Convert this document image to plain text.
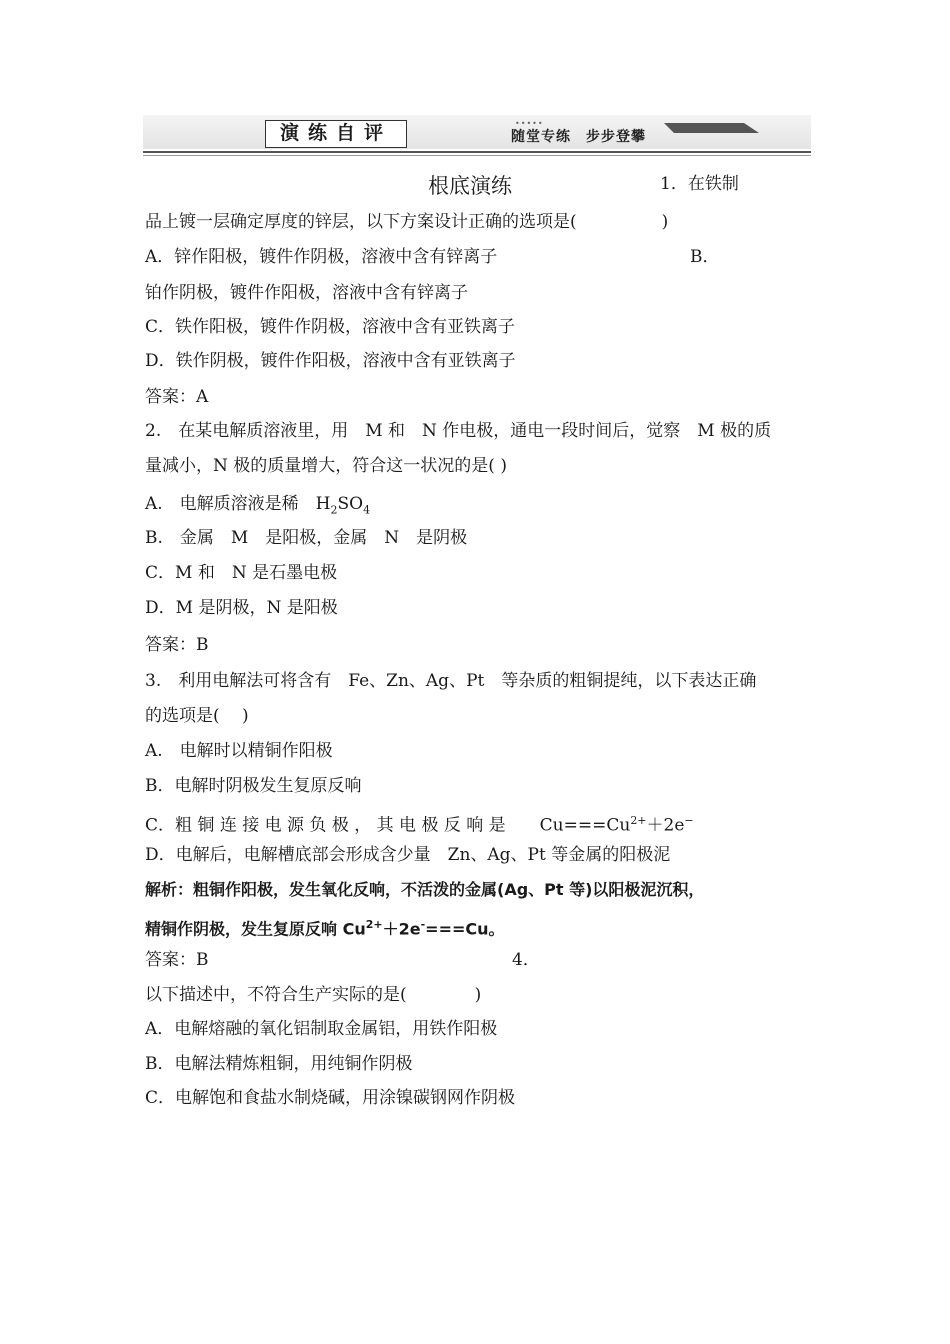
演练自评	•••••
随堂专练　步步登攀
根底演练	1．在铁制
品上镀一层确定厚度的锌层，以下方案设计正确的选项是(　　　　　)
A．锌作阳极，镀件作阴极，溶液中含有锌离子	B．
铂作阴极，镀件作阳极，溶液中含有锌离子
C．铁作阳极，镀件作阴极，溶液中含有亚铁离子
D．铁作阴极，镀件作阳极，溶液中含有亚铁离子
答案：A
2.　在某电解质溶液里，用　M 和　N 作电极，通电一段时间后，觉察　M 极的质
量减小，N 极的质量增大，符合这一状况的是( )
A.　电解质溶液是稀　$H_2SO_4$
B.　金属　M　是阳极，金属　N　是阴极
C．M 和　N 是石墨电极
D．M 是阴极，N 是阳极
答案：B
3.　利用电解法可将含有　Fe、Zn、Ag、Pt　等杂质的粗铜提纯，以下表达正确
的选项是(　 )
A.　电解时以精铜作阳极
B．电解时阴极发生复原反响
C．粗 铜 连 接 电 源 负 极 ， 其 电 极 反 响 是　　$Cu===Cu^{2+}+2e^-$
D．电解后，电解槽底部会形成含少量　Zn、Ag、Pt 等金属的阳极泥
解析：粗铜作阳极，发生氧化反响，不活泼的金属(Ag、Pt 等)以阳极泥沉积，
精铜作阴极，发生复原反响 $Cu^{2+}+2e^-===Cu$。
答案：B	4．
以下描述中，不符合生产实际的是(　　　　)
A．电解熔融的氧化铝制取金属铝，用铁作阳极
B．电解法精炼粗铜，用纯铜作阴极
C．电解饱和食盐水制烧碱，用涂镍碳钢网作阴极
